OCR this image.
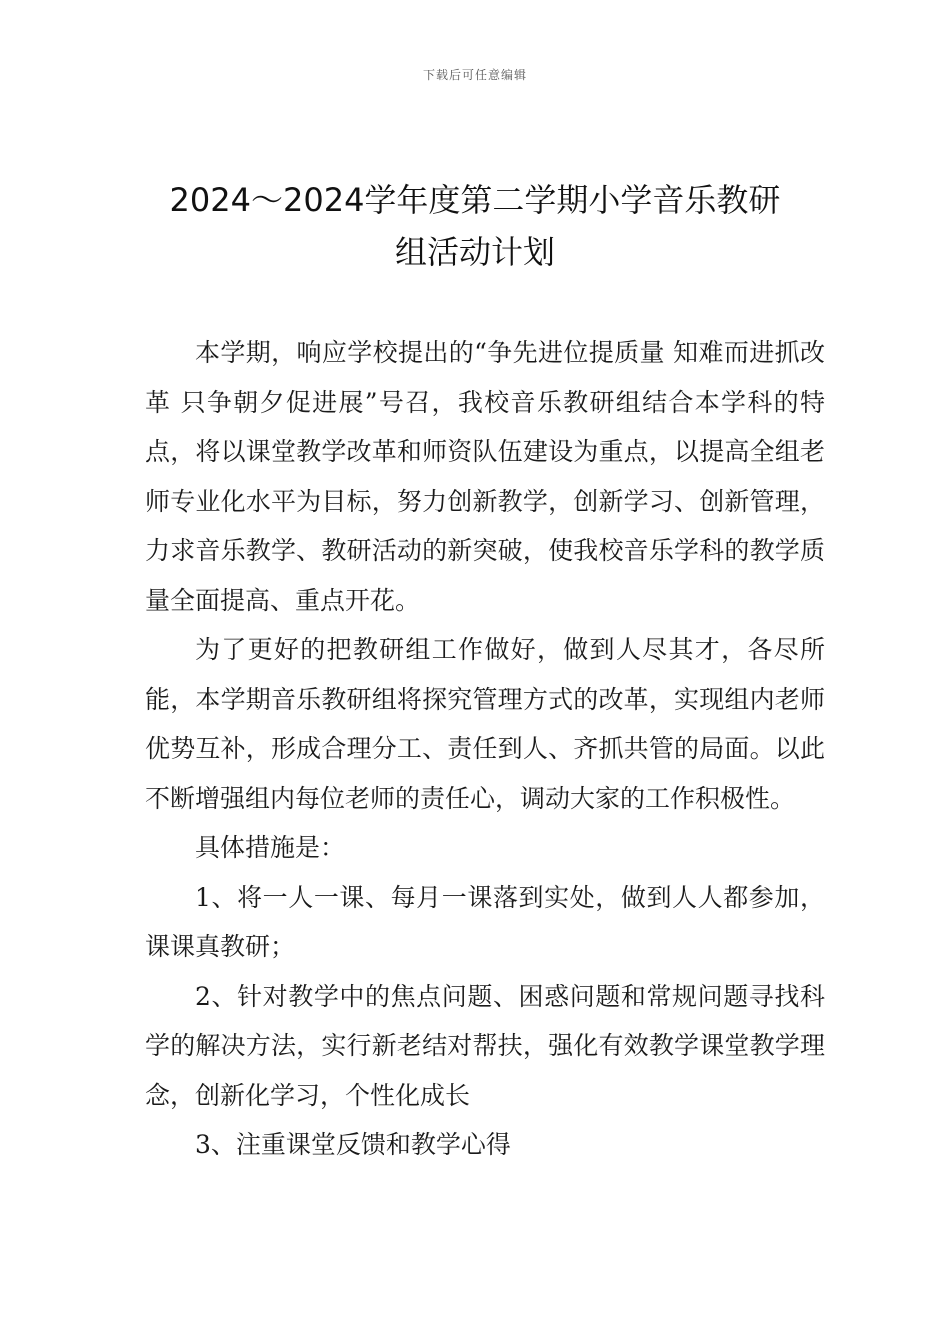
下载后可任意编辑
2024～2024学年度第二学期小学音乐教研
组活动计划

本学期，响应学校提出的“争先进位提质量 知难而进抓改革 只争朝夕促进展”号召，我校音乐教研组结合本学科的特点，将以课堂教学改革和师资队伍建设为重点，以提高全组老师专业化水平为目标，努力创新教学，创新学习、创新管理，力求音乐教学、教研活动的新突破，使我校音乐学科的教学质量全面提高、重点开花。

为了更好的把教研组工作做好，做到人尽其才，各尽所能，本学期音乐教研组将探究管理方式的改革，实现组内老师优势互补，形成合理分工、责任到人、齐抓共管的局面。以此不断增强组内每位老师的责任心，调动大家的工作积极性。

具体措施是：

1、将一人一课、每月一课落到实处，做到人人都参加，课课真教研；

2、针对教学中的焦点问题、困惑问题和常规问题寻找科学的解决方法，实行新老结对帮扶，强化有效教学课堂教学理念，创新化学习，个性化成长

3、注重课堂反馈和教学心得
